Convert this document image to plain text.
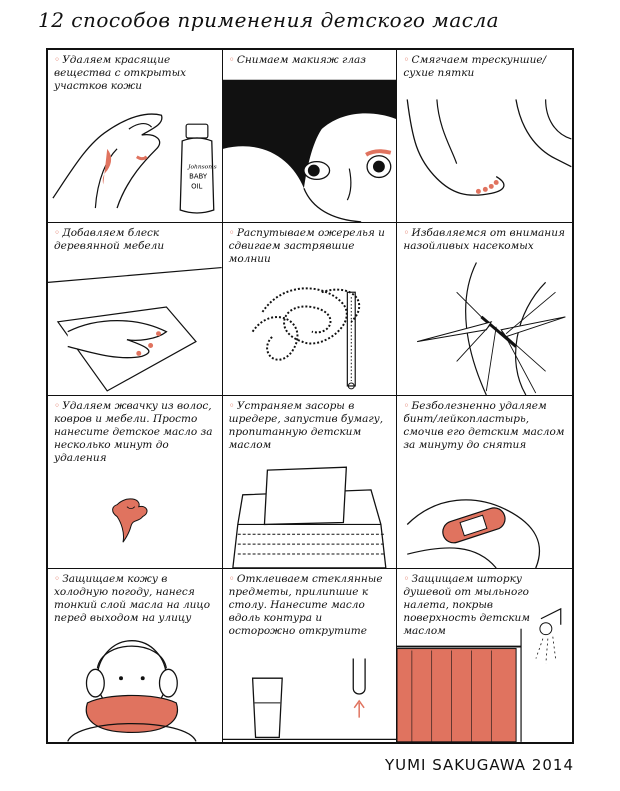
12 способов применения детского масла
◦ Удаляем красящие вещества с открытых участков кожи
Johnson's
BABY
OIL
◦ Снимаем макияж глаз	◦ Смягчаем трескуншие/сухие пятки
◦ Добавляем блеск деревянной мебели
◦ Распутываем ожерелья и сдвигаем застрявшие молнии
◦ Избавляемся от внимания назойливых насекомых
◦ Удаляем жвачку из волос, ковров и мебели. Просто нанесите детское масло за несколько минут до удаления
◦ Устраняем засоры в шредере, запустив бумагу, пропитанную детским маслом
◦ Безболезненно удаляем бинт/лейкопластырь, смочив его детским маслом за минуту до снятия
◦ Защищаем кожу в холодную погоду, нанеся тонкий слой масла на лицо перед выходом на улицу
◦ Отклеиваем стеклянные предметы, прилипшие к столу. Нанесите масло вдоль контура и осторожно открутите
◦ Защищаем шторку душевой от мыльного налета, покрыв поверхность детским маслом
YUMI SAKUGAWA 2014
